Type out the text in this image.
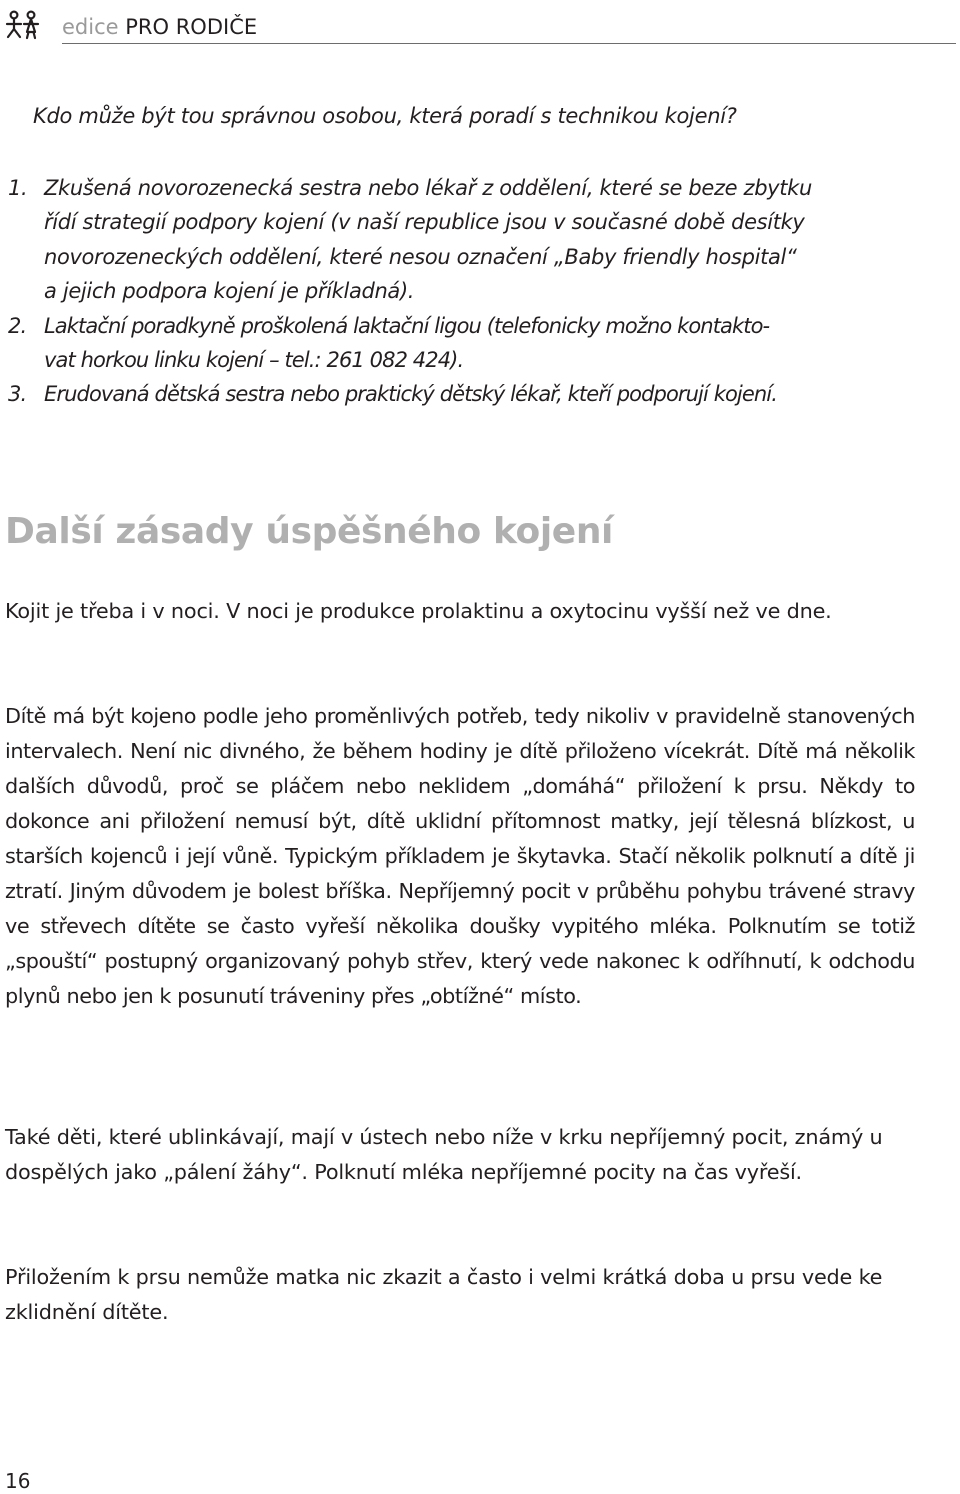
edice PRO RODIČE
Kdo může být tou správnou osobou, která poradí s technikou kojení?
1. Zkušená novorozenecká sestra nebo lékař z oddělení, které se beze zbytku
řídí strategií podpory kojení (v naší republice jsou v současné době desítky
novorozeneckých oddělení, které nesou označení „Baby friendly hospital“
a jejich podpora kojení je příkladná).
2. Laktační poradkyně proškolená laktační ligou (telefonicky možno kontakto-
vat horkou linku kojení – tel.: 261 082 424).
3. Erudovaná dětská sestra nebo praktický dětský lékař, kteří podporují kojení.
Další zásady úspěšného kojení

Kojit je třeba i v noci. V noci je produkce prolaktinu a oxytocinu vyšší než ve dne.

Dítě má být kojeno podle jeho proměnlivých potřeb, tedy nikoliv v pravidelně stanovených intervalech. Není nic divného, že během hodiny je dítě přiloženo vícekrát. Dítě má několik dalších důvodů, proč se pláčem nebo neklidem „domáhá“ přiložení k prsu. Někdy to dokonce ani přiložení nemusí být, dítě uklidní přítomnost matky, její tělesná blízkost, u starších kojenců i její vůně. Typickým příkladem je škytavka. Stačí několik polknutí a dítě ji ztratí. Jiným důvodem je bolest bříška. Nepříjemný pocit v průběhu pohybu trávené stravy ve střevech dítěte se často vyřeší několika doušky vypitého mléka. Polknutím se totiž „spouští“ postupný organizovaný pohyb střev, který vede nakonec k odříhnutí, k odchodu plynů nebo jen k posunutí tráveniny přes „obtížné“ místo.

Také děti, které ublinkávají, mají v ústech nebo níže v krku nepříjemný pocit, známý u dospělých jako „pálení žáhy“. Polknutí mléka nepříjemné pocity na čas vyřeší.

Přiložením k prsu nemůže matka nic zkazit a často i velmi krátká doba u prsu vede ke zklidnění dítěte.

16
